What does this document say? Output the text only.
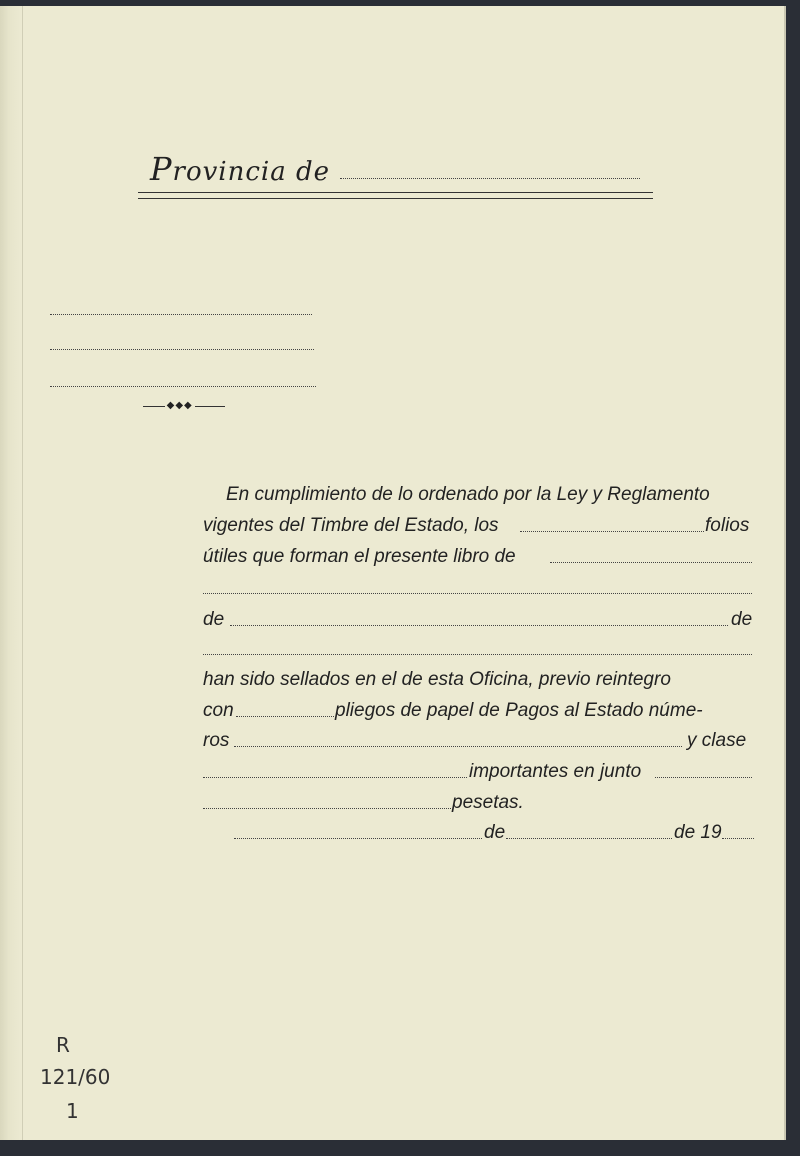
Provincia de
◆◆◆
En cumplimiento de lo ordenado por la Ley y Reglamento
vigentes del Timbre del Estado, los	folios
útiles que forman el presente libro de
de	de
han sido sellados en el de esta Oficina, previo reintegro
con	pliegos de papel de Pagos al Estado núme-
ros	y clase
importantes en junto
pesetas.
de	de 19
R
121/60
1
